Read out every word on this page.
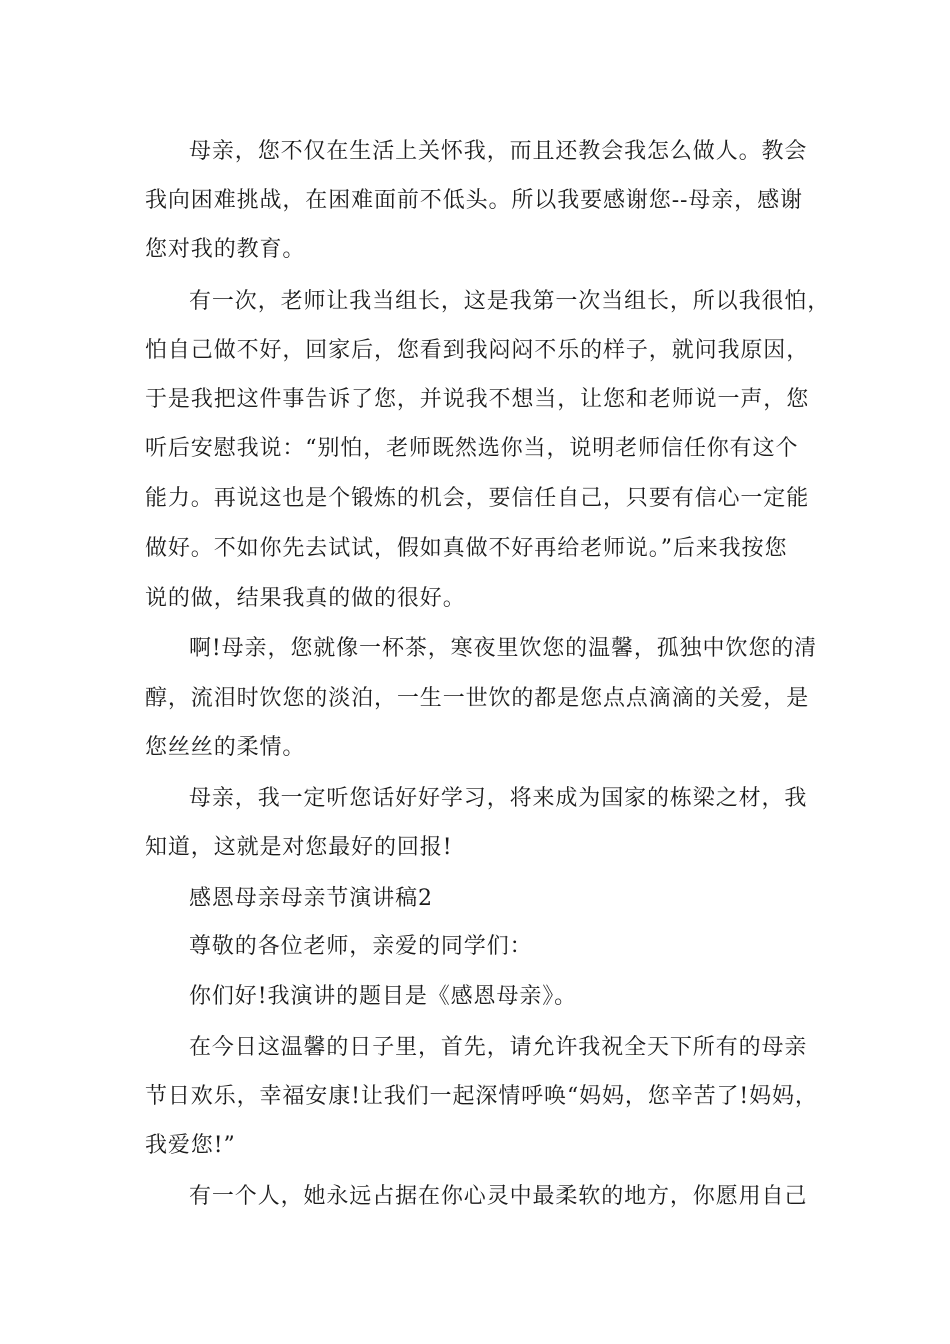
母亲，您不仅在生活上关怀我，而且还教会我怎么做人。教会
我向困难挑战，在困难面前不低头。所以我要感谢您--母亲，感谢
您对我的教育。
有一次，老师让我当组长，这是我第一次当组长，所以我很怕，
怕自己做不好，回家后，您看到我闷闷不乐的样子，就问我原因，
于是我把这件事告诉了您，并说我不想当，让您和老师说一声，您
听后安慰我说：“别怕，老师既然选你当，说明老师信任你有这个
能力。再说这也是个锻炼的机会，要信任自己，只要有信心一定能
做好。不如你先去试试，假如真做不好再给老师说。”后来我按您
说的做，结果我真的做的很好。
啊!母亲，您就像一杯茶，寒夜里饮您的温馨，孤独中饮您的清
醇，流泪时饮您的淡泊，一生一世饮的都是您点点滴滴的关爱，是
您丝丝的柔情。
母亲，我一定听您话好好学习，将来成为国家的栋梁之材，我
知道，这就是对您最好的回报!
感恩母亲母亲节演讲稿2
尊敬的各位老师，亲爱的同学们：
你们好!我演讲的题目是《感恩母亲》。
在今日这温馨的日子里，首先，请允许我祝全天下所有的母亲
节日欢乐，幸福安康!让我们一起深情呼唤“妈妈，您辛苦了!妈妈，
我爱您!”
有一个人，她永远占据在你心灵中最柔软的地方，你愿用自己
